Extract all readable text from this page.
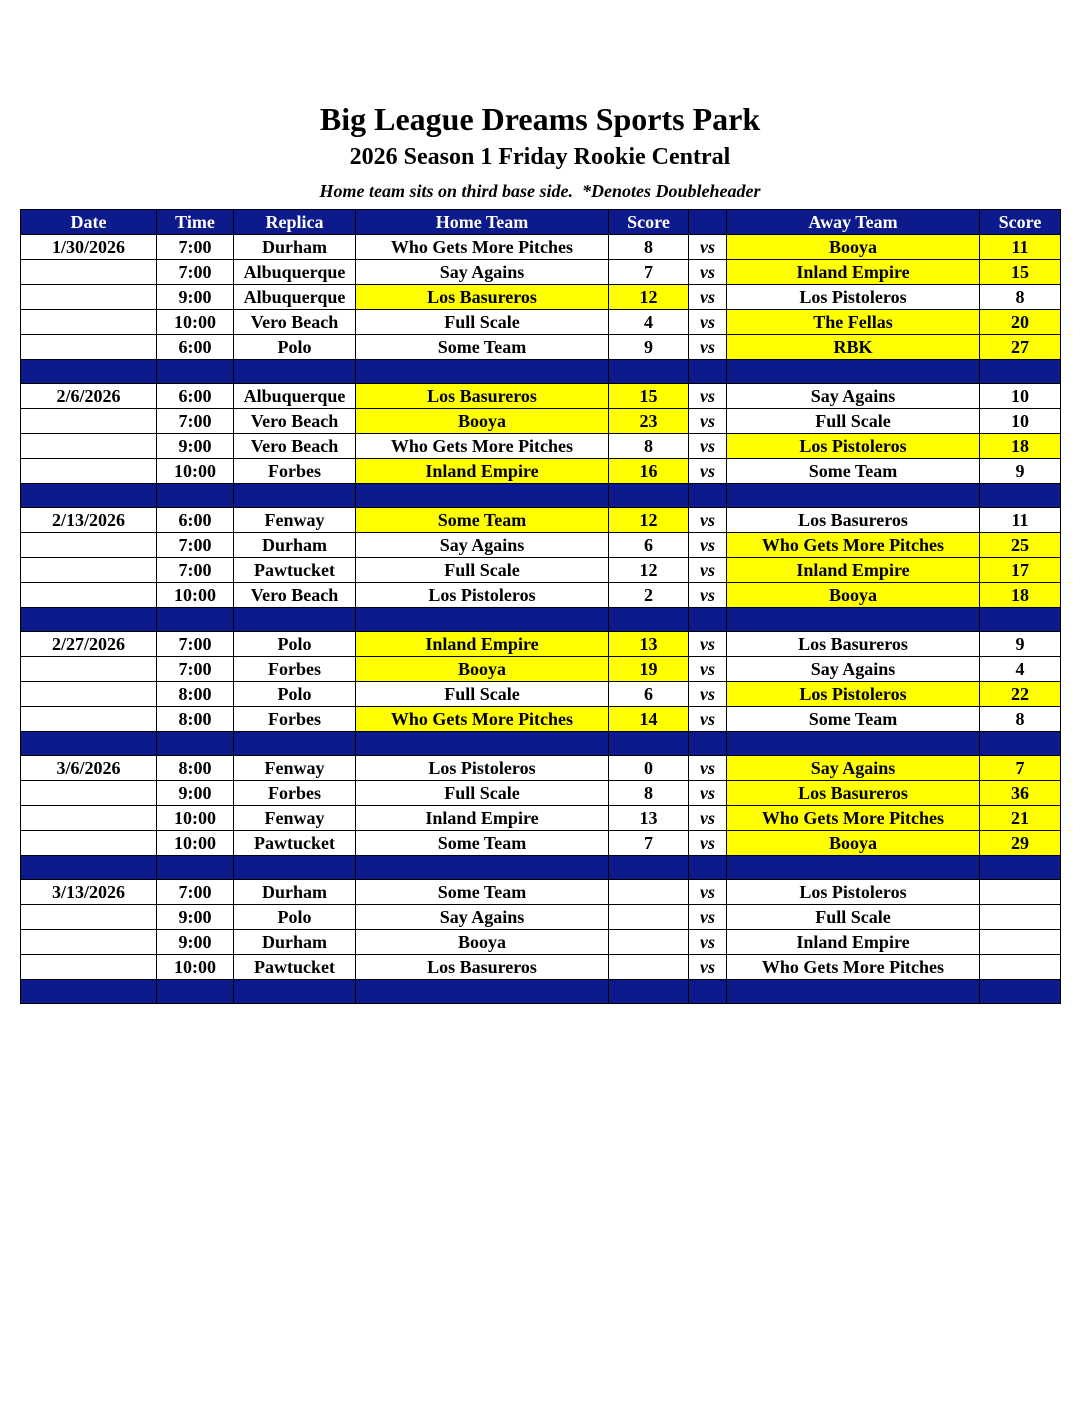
Big League Dreams Sports Park
2026 Season 1 Friday Rookie Central
Home team sits on third base side.  *Denotes Doubleheader
Date	Time	Replica	Home Team	Score		Away Team	Score
1/30/2026	7:00	Durham	Who Gets More Pitches	8	vs	Booya	11
	7:00	Albuquerque	Say Agains	7	vs	Inland Empire	15
	9:00	Albuquerque	Los Basureros	12	vs	Los Pistoleros	8
	10:00	Vero Beach	Full Scale	4	vs	The Fellas	20
	6:00	Polo	Some Team	9	vs	RBK	27

2/6/2026	6:00	Albuquerque	Los Basureros	15	vs	Say Agains	10
	7:00	Vero Beach	Booya	23	vs	Full Scale	10
	9:00	Vero Beach	Who Gets More Pitches	8	vs	Los Pistoleros	18
	10:00	Forbes	Inland Empire	16	vs	Some Team	9

2/13/2026	6:00	Fenway	Some Team	12	vs	Los Basureros	11
	7:00	Durham	Say Agains	6	vs	Who Gets More Pitches	25
	7:00	Pawtucket	Full Scale	12	vs	Inland Empire	17
	10:00	Vero Beach	Los Pistoleros	2	vs	Booya	18

2/27/2026	7:00	Polo	Inland Empire	13	vs	Los Basureros	9
	7:00	Forbes	Booya	19	vs	Say Agains	4
	8:00	Polo	Full Scale	6	vs	Los Pistoleros	22
	8:00	Forbes	Who Gets More Pitches	14	vs	Some Team	8

3/6/2026	8:00	Fenway	Los Pistoleros	0	vs	Say Agains	7
	9:00	Forbes	Full Scale	8	vs	Los Basureros	36
	10:00	Fenway	Inland Empire	13	vs	Who Gets More Pitches	21
	10:00	Pawtucket	Some Team	7	vs	Booya	29

3/13/2026	7:00	Durham	Some Team		vs	Los Pistoleros	
	9:00	Polo	Say Agains		vs	Full Scale	
	9:00	Durham	Booya		vs	Inland Empire	
	10:00	Pawtucket	Los Basureros		vs	Who Gets More Pitches	
